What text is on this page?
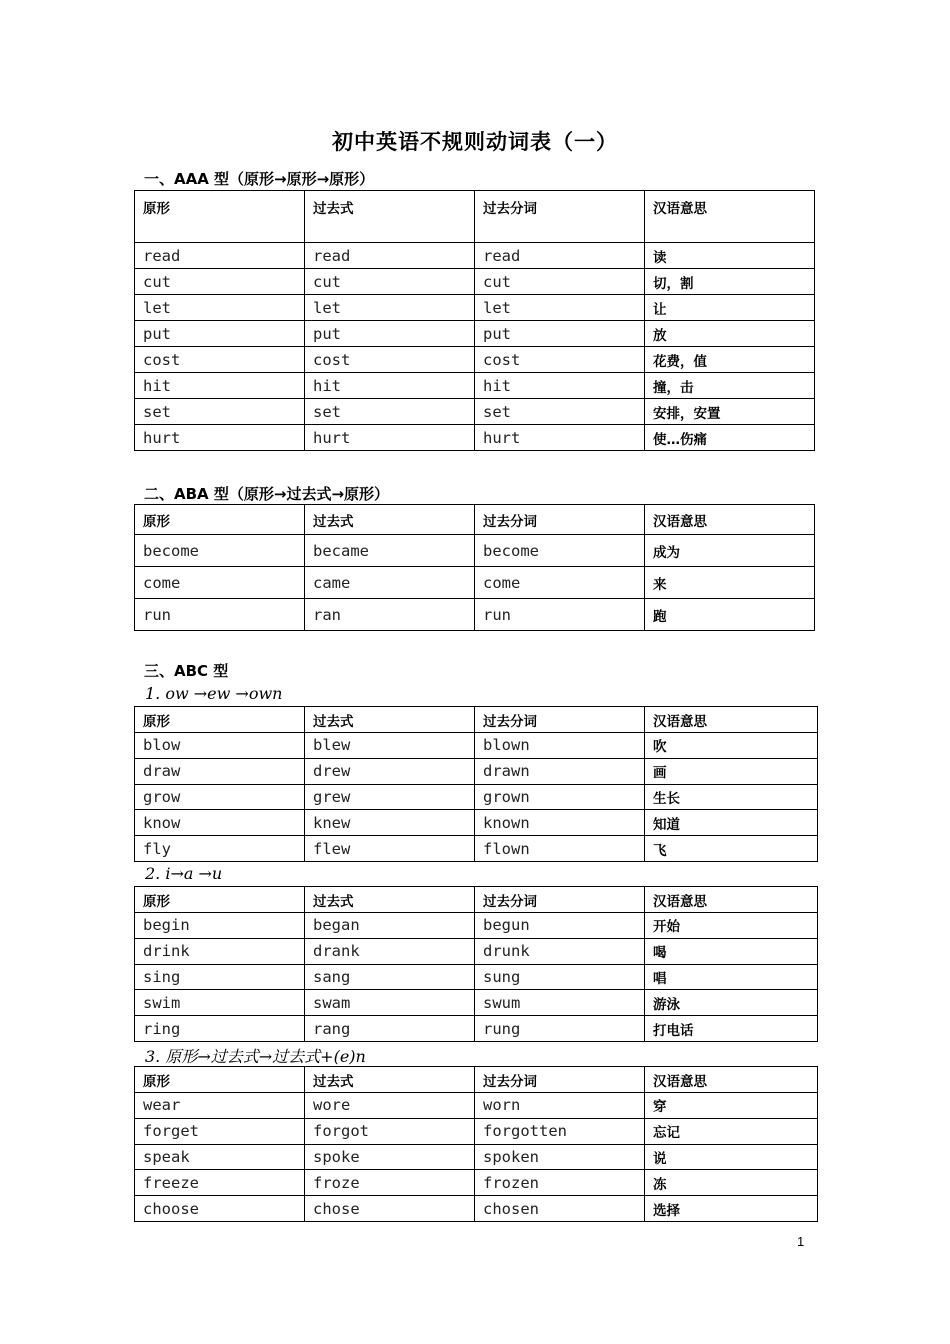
初中英语不规则动词表（一）
一、AAA 型（原形→原形→原形）
原形	过去式	过去分词	汉语意思
read	read	read	读
cut	cut	cut	切，割
let	let	let	让
put	put	put	放
cost	cost	cost	花费，值
hit	hit	hit	撞，击
set	set	set	安排，安置
hurt	hurt	hurt	使…伤痛
二、ABA 型（原形→过去式→原形）
原形	过去式	过去分词	汉语意思
become	became	become	成为
come	came	come	来
run	ran	run	跑
三、ABC 型
1. ow →ew →own
原形	过去式	过去分词	汉语意思
blow	blew	blown	吹
draw	drew	drawn	画
grow	grew	grown	生长
know	knew	known	知道
fly	flew	flown	飞
2. i→a →u
原形	过去式	过去分词	汉语意思
begin	began	begun	开始
drink	drank	drunk	喝
sing	sang	sung	唱
swim	swam	swum	游泳
ring	rang	rung	打电话
3. 原形→过去式→过去式+(e)n
原形	过去式	过去分词	汉语意思
wear	wore	worn	穿
forget	forgot	forgotten	忘记
speak	spoke	spoken	说
freeze	froze	frozen	冻
choose	chose	chosen	选择
1
